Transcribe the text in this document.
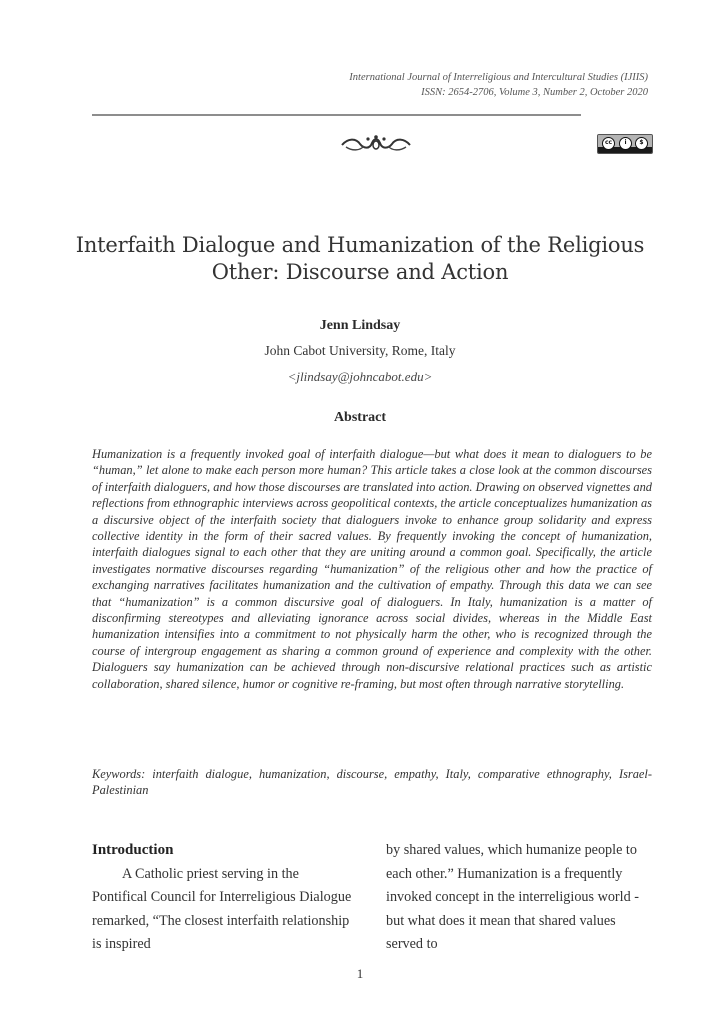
International Journal of Interreligious and Intercultural Studies (IJIIS)
ISSN: 2654-2706, Volume 3, Number 2, October 2020
cc	i	$
Interfaith Dialogue and Humanization of the Religious
Other: Discourse and Action
Jenn Lindsay
John Cabot University, Rome, Italy
<jlindsay@johncabot.edu>
Abstract
Humanization is a frequently invoked goal of interfaith dialogue—but what does it mean to dialoguers to be “human,” let alone to make each person more human? This article takes a close look at the common discourses of interfaith dialoguers, and how those discourses are translated into action. Drawing on observed vignettes and reflections from ethnographic interviews across geopolitical contexts, the article conceptualizes humanization as a discursive object of the interfaith society that dialoguers invoke to enhance group solidarity and express collective identity in the form of their sacred values. By frequently invoking the concept of humanization, interfaith dialogues signal to each other that they are uniting around a common goal. Specifically, the article investigates normative discourses regarding “humanization” of the religious other and how the practice of exchanging narratives facilitates humanization and the cultivation of empathy. Through this data we can see that “humanization” is a common discursive goal of dialoguers. In Italy, humanization is a matter of disconfirming stereotypes and alleviating ignorance across social divides, whereas in the Middle East humanization intensifies into a commitment to not physically harm the other, who is recognized through the course of intergroup engagement as sharing a common ground of experience and complexity with the other. Dialoguers say humanization can be achieved through non-discursive relational practices such as artistic collaboration, shared silence, humor or cognitive re-framing, but most often through narrative storytelling.
Keywords: interfaith dialogue, humanization, discourse, empathy, Italy, comparative ethnography, Israel-Palestinian
Introduction
A Catholic priest serving in the Pontifical Council for Interreligious Dialogue remarked, “The closest interfaith relationship is inspired
by shared values, which humanize people to each other.” Humanization is a frequently invoked concept in the interreligious world - but what does it mean that shared values served to
1
